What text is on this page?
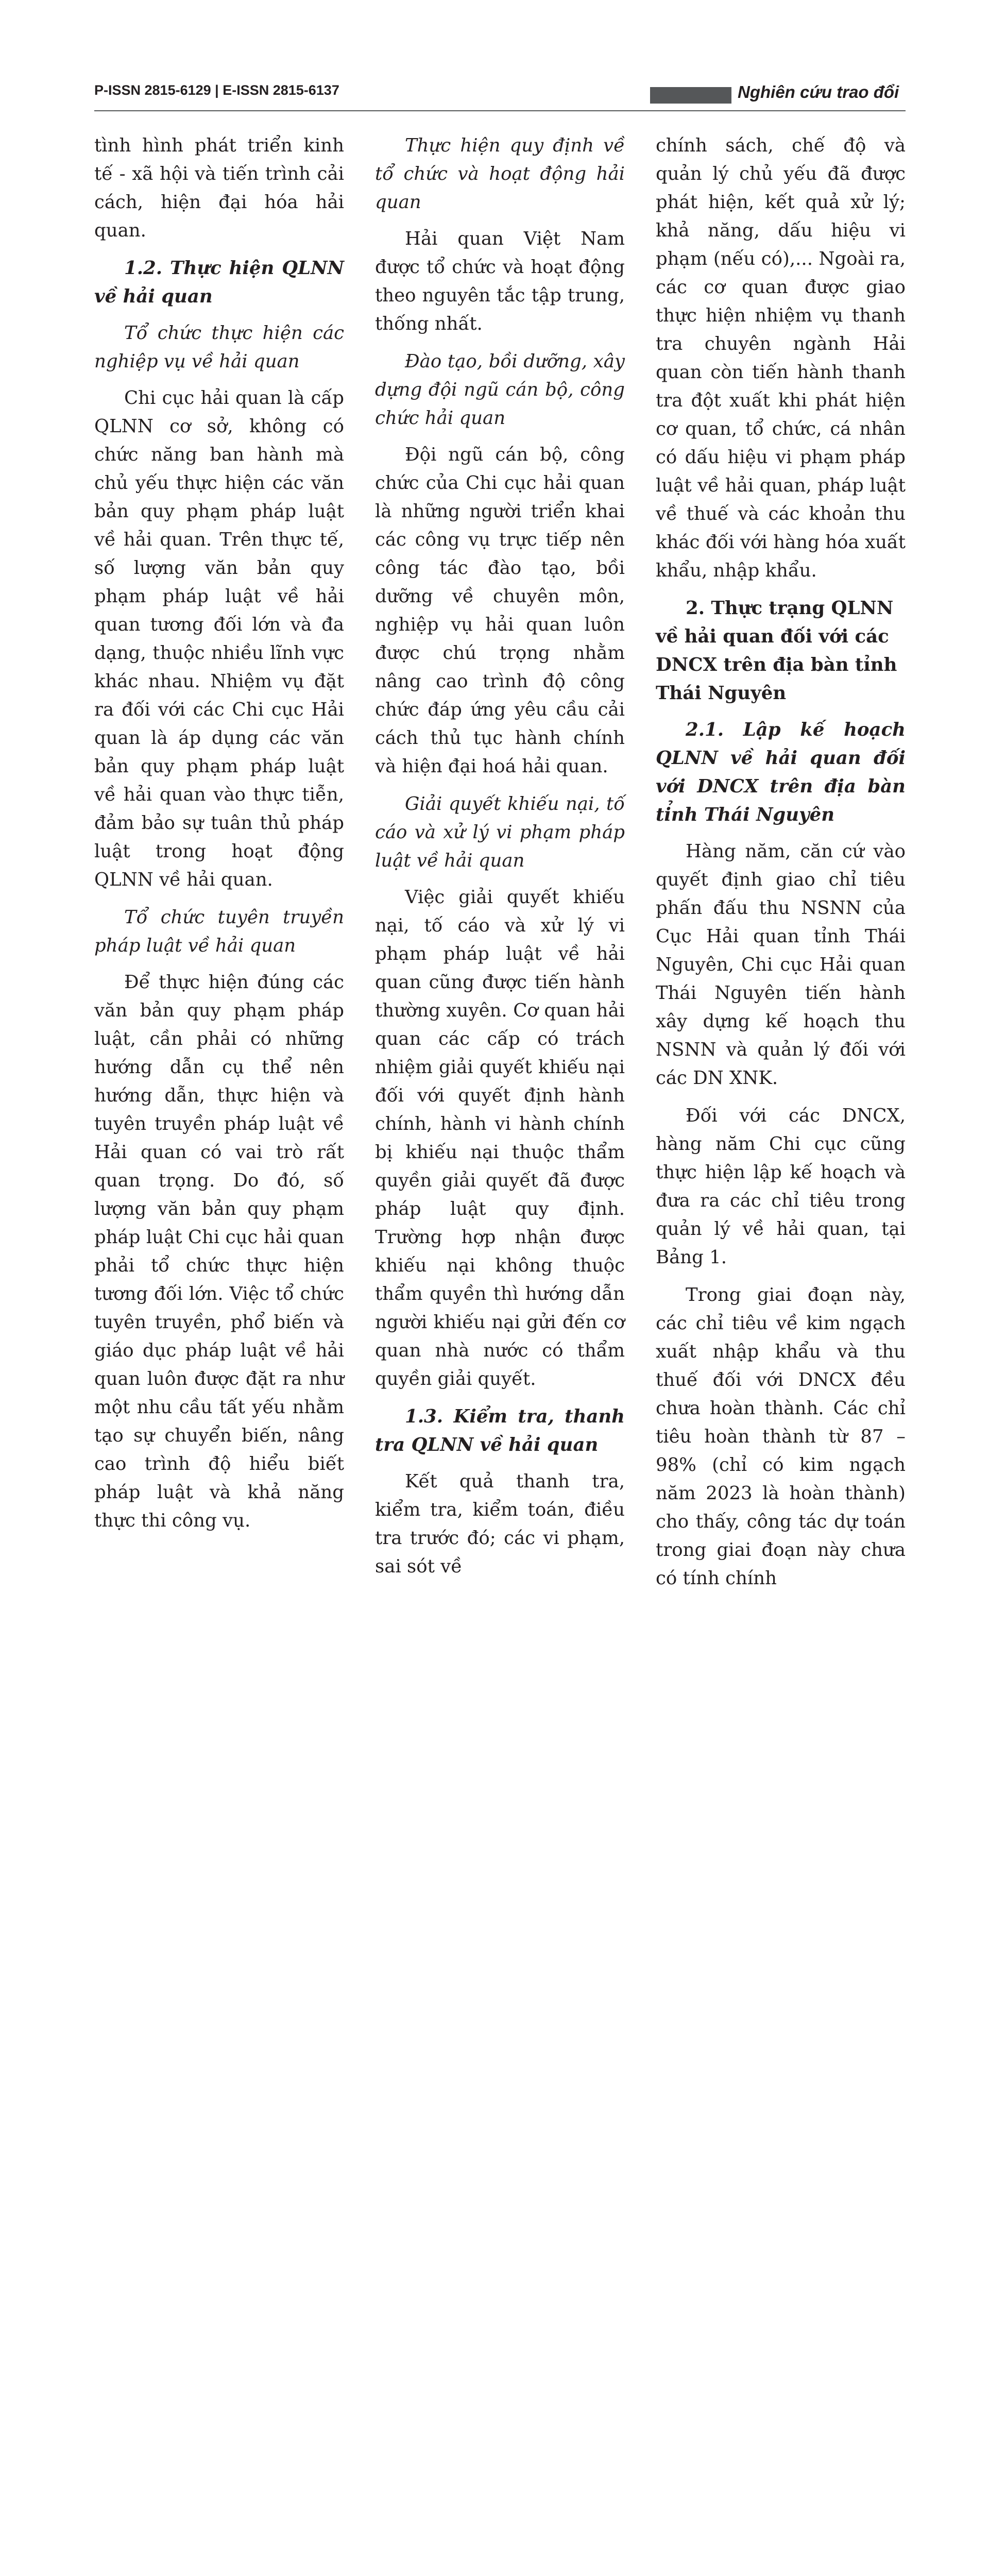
P-ISSN 2815-6129 | E-ISSN 2815-6137	Nghiên cứu trao đổi

tình hình phát triển kinh tế - xã hội và tiến trình cải cách, hiện đại hóa hải quan.

1.2. Thực hiện QLNN về hải quan

Tổ chức thực hiện các nghiệp vụ về hải quan

Chi cục hải quan là cấp QLNN cơ sở, không có chức năng ban hành mà chủ yếu thực hiện các văn bản quy phạm pháp luật về hải quan. Trên thực tế, số lượng văn bản quy phạm pháp luật về hải quan tương đối lớn và đa dạng, thuộc nhiều lĩnh vực khác nhau. Nhiệm vụ đặt ra đối với các Chi cục Hải quan là áp dụng các văn bản quy phạm pháp luật về hải quan vào thực tiễn, đảm bảo sự tuân thủ pháp luật trong hoạt động QLNN về hải quan.

Tổ chức tuyên truyền pháp luật về hải quan

Để thực hiện đúng các văn bản quy phạm pháp luật, cần phải có những hướng dẫn cụ thể nên hướng dẫn, thực hiện và tuyên truyền pháp luật về Hải quan có vai trò rất quan trọng. Do đó, số lượng văn bản quy phạm pháp luật Chi cục hải quan phải tổ chức thực hiện tương đối lớn. Việc tổ chức tuyên truyền, phổ biến và giáo dục pháp luật về hải quan luôn được đặt ra như một nhu cầu tất yếu nhằm tạo sự chuyển biến, nâng cao trình độ hiểu biết pháp luật và khả năng thực thi công vụ.

Thực hiện quy định về tổ chức và hoạt động hải quan

Hải quan Việt Nam được tổ chức và hoạt động theo nguyên tắc tập trung, thống nhất.

Đào tạo, bồi dưỡng, xây dựng đội ngũ cán bộ, công chức hải quan

Đội ngũ cán bộ, công chức của Chi cục hải quan là những người triển khai các công vụ trực tiếp nên công tác đào tạo, bồi dưỡng về chuyên môn, nghiệp vụ hải quan luôn được chú trọng nhằm nâng cao trình độ công chức đáp ứng yêu cầu cải cách thủ tục hành chính và hiện đại hoá hải quan.

Giải quyết khiếu nại, tố cáo và xử lý vi phạm pháp luật về hải quan

Việc giải quyết khiếu nại, tố cáo và xử lý vi phạm pháp luật về hải quan cũng được tiến hành thường xuyên. Cơ quan hải quan các cấp có trách nhiệm giải quyết khiếu nại đối với quyết định hành chính, hành vi hành chính bị khiếu nại thuộc thẩm quyền giải quyết đã được pháp luật quy định. Trường hợp nhận được khiếu nại không thuộc thẩm quyền thì hướng dẫn người khiếu nại gửi đến cơ quan nhà nước có thẩm quyền giải quyết.

1.3. Kiểm tra, thanh tra QLNN về hải quan

Kết quả thanh tra, kiểm tra, kiểm toán, điều tra trước đó; các vi phạm, sai sót về

chính sách, chế độ và quản lý chủ yếu đã được phát hiện, kết quả xử lý; khả năng, dấu hiệu vi phạm (nếu có),... Ngoài ra, các cơ quan được giao thực hiện nhiệm vụ thanh tra chuyên ngành Hải quan còn tiến hành thanh tra đột xuất khi phát hiện cơ quan, tổ chức, cá nhân có dấu hiệu vi phạm pháp luật về hải quan, pháp luật về thuế và các khoản thu khác đối với hàng hóa xuất khẩu, nhập khẩu.

2. Thực trạng QLNN về hải quan đối với các DNCX trên địa bàn tỉnh Thái Nguyên

2.1. Lập kế hoạch QLNN về hải quan đối với DNCX trên địa bàn tỉnh Thái Nguyên

Hàng năm, căn cứ vào quyết định giao chỉ tiêu phấn đấu thu NSNN của Cục Hải quan tỉnh Thái Nguyên, Chi cục Hải quan Thái Nguyên tiến hành xây dựng kế hoạch thu NSNN và quản lý đối với các DN XNK.

Đối với các DNCX, hàng năm Chi cục cũng thực hiện lập kế hoạch và đưa ra các chỉ tiêu trong quản lý về hải quan, tại Bảng 1.

Trong giai đoạn này, các chỉ tiêu về kim ngạch xuất nhập khẩu và thu thuế đối với DNCX đều chưa hoàn thành. Các chỉ tiêu hoàn thành từ 87 – 98% (chỉ có kim ngạch năm 2023 là hoàn thành) cho thấy, công tác dự toán trong giai đoạn này chưa có tính chính
